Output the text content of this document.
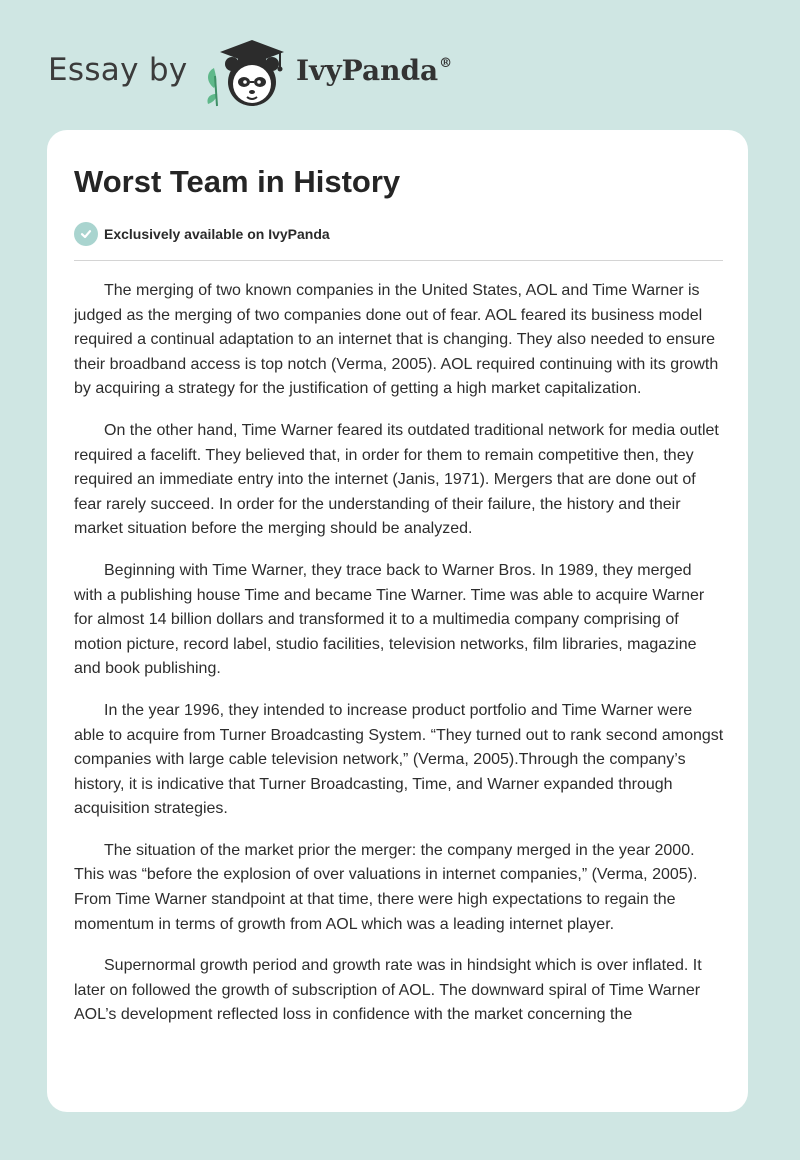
Essay by	IvyPanda®
Worst Team in History
Exclusively available on IvyPanda

The merging of two known companies in the United States, AOL and Time Warner is judged as the merging of two companies done out of fear. AOL feared its business model required a continual adaptation to an internet that is changing. They also needed to ensure their broadband access is top notch (Verma, 2005). AOL required continuing with its growth by acquiring a strategy for the justification of getting a high market capitalization.

On the other hand, Time Warner feared its outdated traditional network for media outlet required a facelift. They believed that, in order for them to remain competitive then, they required an immediate entry into the internet (Janis, 1971). Mergers that are done out of fear rarely succeed. In order for the understanding of their failure, the history and their market situation before the merging should be analyzed.

Beginning with Time Warner, they trace back to Warner Bros. In 1989, they merged with a publishing house Time and became Tine Warner. Time was able to acquire Warner for almost 14 billion dollars and transformed it to a multimedia company comprising of motion picture, record label, studio facilities, television networks, film libraries, magazine and book publishing.

In the year 1996, they intended to increase product portfolio and Time Warner were able to acquire from Turner Broadcasting System. “They turned out to rank second amongst companies with large cable television network,” (Verma, 2005).Through the company’s history, it is indicative that Turner Broadcasting, Time, and Warner expanded through acquisition strategies.

The situation of the market prior the merger: the company merged in the year 2000. This was “before the explosion of over valuations in internet companies,” (Verma, 2005). From Time Warner standpoint at that time, there were high expectations to regain the momentum in terms of growth from AOL which was a leading internet player.

Supernormal growth period and growth rate was in hindsight which is over inflated. It later on followed the growth of subscription of AOL. The downward spiral of Time Warner AOL’s development reflected loss in confidence with the market concerning the
